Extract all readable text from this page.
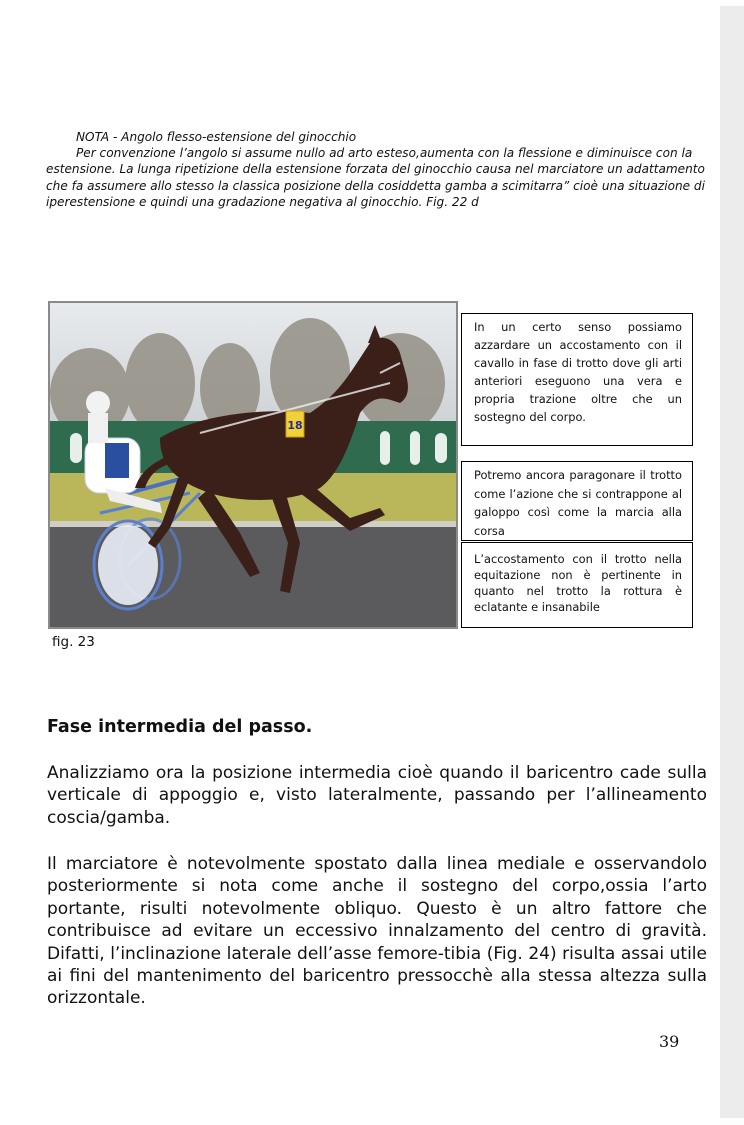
NOTA - Angolo flesso-estensione del ginocchio
Per convenzione l’angolo si assume nullo ad arto esteso,aumenta con la flessione e diminuisce con la
estensione. La lunga ripetizione della estensione forzata del ginocchio causa nel marciatore un adattamento che fa assumere allo stesso la classica posizione della cosiddetta gamba a scimitarra” cioè una situazione di iperestensione e quindi una gradazione negativa al ginocchio. Fig. 22 d
18
In un certo senso possiamo azzardare un accostamento con il cavallo in fase di trotto dove gli arti anteriori eseguono una vera e propria trazione oltre che un sostegno del corpo.
Potremo ancora paragonare il trotto come l’azione che si contrappone al galoppo così come la marcia alla corsa
L’accostamento con il trotto nella equitazione non è pertinente in quanto nel trotto la rottura è eclatante e insanabile
fig. 23
Fase intermedia del passo.
Analizziamo ora la posizione intermedia cioè quando il baricentro cade sulla verticale di appoggio e, visto lateralmente, passando per l’allineamento coscia/gamba.
Il marciatore è notevolmente spostato dalla linea mediale e osservandolo posteriormente si nota come anche il sostegno del corpo,ossia l’arto portante, risulti notevolmente obliquo. Questo è un altro fattore che contribuisce ad evitare un eccessivo innalzamento del centro di gravità. Difatti, l’inclinazione laterale dell’asse femore-tibia (Fig. 24) risulta assai utile ai fini del mantenimento del baricentro pressocchè alla stessa altezza sulla orizzontale.
39
